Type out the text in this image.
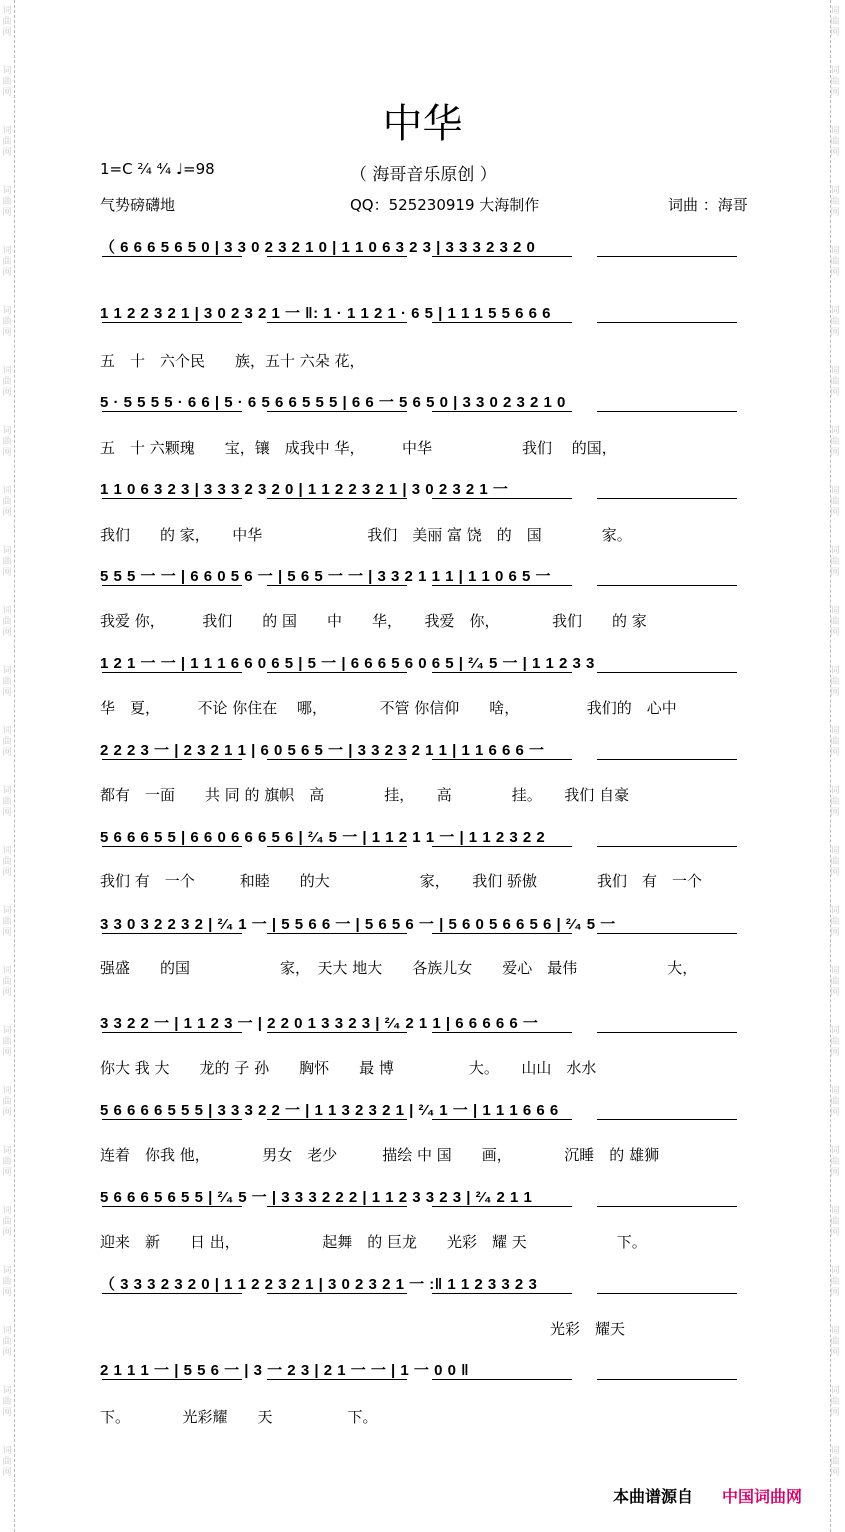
词
曲
网
词
曲
网
词
曲
网
词
曲
网
词
曲
网
词
曲
网
词
曲
网
词
曲
网
词
曲
网
词
曲
网
词
曲
网
词
曲
网
词
曲
网
词
曲
网
词
曲
网
词
曲
网
词
曲
网
词
曲
网
词
曲
网
词
曲
网
词
曲
网
词
曲
网
词
曲
网
词
曲
网
词
曲
网
词
曲
网
词
曲
网
词
曲
网
词
曲
网
词
曲
网
词
曲
网
词
曲
网
词
曲
网
词
曲
网
词
曲
网
词
曲
网
词
曲
网
词
曲
网
词
曲
网
词
曲
网
词
曲
网
词
曲
网
词
曲
网
词
曲
网
词
曲
网
词
曲
网
词
曲
网
词
曲
网
词
曲
网
词
曲
网
中华
1=C ²⁄₄ ⁴⁄₄ ♩=98	（ 海哥音乐原创 ）
气势磅礴地	QQ：525230919 大海制作	词曲 ：海哥
（ 6 6 6 5 6 5 0 | 3 3 0 2 3 2 1 0 | 1 1 0 6 3 2 3 | 3 3 3 2 3 2 0
1 1 2 2 3 2 1 | 3 0 2 3 2 1 一 ‖: 1 · 1 1 2 1 · 6 5 | 1 1 1 5 5 6 6 6
五　十　六个民　　族，五十 六朵 花，
5 · 5 5 5 5 · 6 6 | 5 · 6 5 6 6 5 5 5 | 6 6 一 5 6 5 0 | 3 3 0 2 3 2 1 0
五　十 六颗瑰　　宝，镶　成我中 华，　　　中华　　　　　　我们　 的国，
1 1 0 6 3 2 3 | 3 3 3 2 3 2 0 | 1 1 2 2 3 2 1 | 3 0 2 3 2 1 一
我们　　的 家，　　中华　　　　　　　我们　美丽 富 饶　的　国　　　　家。
5 5 5 一 一 | 6 6 0 5 6 一 | 5 6 5 一 一 | 3 3 2 1 1 1 | 1 1 0 6 5 一
我爱 你，　　　我们　　的 国　　中　　华，　　我爱　你，　　　　我们　　的 家
1 2 1 一 一 | 1 1 1 6 6 0 6 5 | 5 一 | 6 6 6 5 6 0 6 5 | ²⁄₄ 5 一 | 1 1 2 3 3
华　夏，　　　不论 你住在　 哪，　　　　不管 你信仰　　啥，　　　　　我们的　心中
2 2 2 3 一 | 2 3 2 1 1 | 6 0 5 6 5 一 | 3 3 2 3 2 1 1 | 1 1 6 6 6 一
都有　一面　　共 同 的 旗帜　高　　　　挂，　　高　　　　挂。　　我们 自豪
5 6 6 6 5 5 | 6 6 0 6 6 6 5 6 | ²⁄₄ 5 一 | 1 1 2 1 1 一 | 1 1 2 3 2 2
我们 有　一个　　　和睦　　的大　　　　　　家，　　我们 骄傲　　　　我们　有　一个
3 3 0 3 2 2 3 2 | ²⁄₄ 1 一 | 5 5 6 6 一 | 5 6 5 6 一 | 5 6 0 5 6 6 5 6 | ²⁄₄ 5 一
强盛　　的国　　　　　　家，　天大 地大　　各族儿女　　爱心　最伟　　　　　　大，
3 3 2 2 一 | 1 1 2 3 一 | 2 2 0 1 3 3 2 3 | ²⁄₄ 2 1 1 | 6 6 6 6 6 一
你大 我 大　　龙的 子 孙　　胸怀　　最 博　　　　　大。　　山山　水水
5 6 6 6 6 5 5 5 | 3 3 3 2 2 一 | 1 1 3 2 3 2 1 | ²⁄₄ 1 一 | 1 1 1 6 6 6
连着　你我 他，　　　　男女　老少　　　描绘 中 国　　画，　　　　沉睡　的 雄狮
5 6 6 6 5 6 5 5 | ²⁄₄ 5 一 | 3 3 3 2 2 2 | 1 1 2 3 3 2 3 | ²⁄₄ 2 1 1
迎来　新　　日 出，　　　　　　起舞　的 巨龙　　光彩　耀 天　　　　　　下。
（ 3 3 3 2 3 2 0 | 1 1 2 2 3 2 1 | 3 0 2 3 2 1 一 :‖ 1 1 2 3 3 2 3
　　　　　　　　　　　　　　　　　　　　　　　　　　　　　　光彩　耀天
2 1 1 1 一 | 5 5 6 一 | 3 一 2 3 | 2 1 一 一 | 1 一 0 0 ‖
下。　　　　光彩耀　　天　　　　　下。
本曲谱源自 中国词曲网
